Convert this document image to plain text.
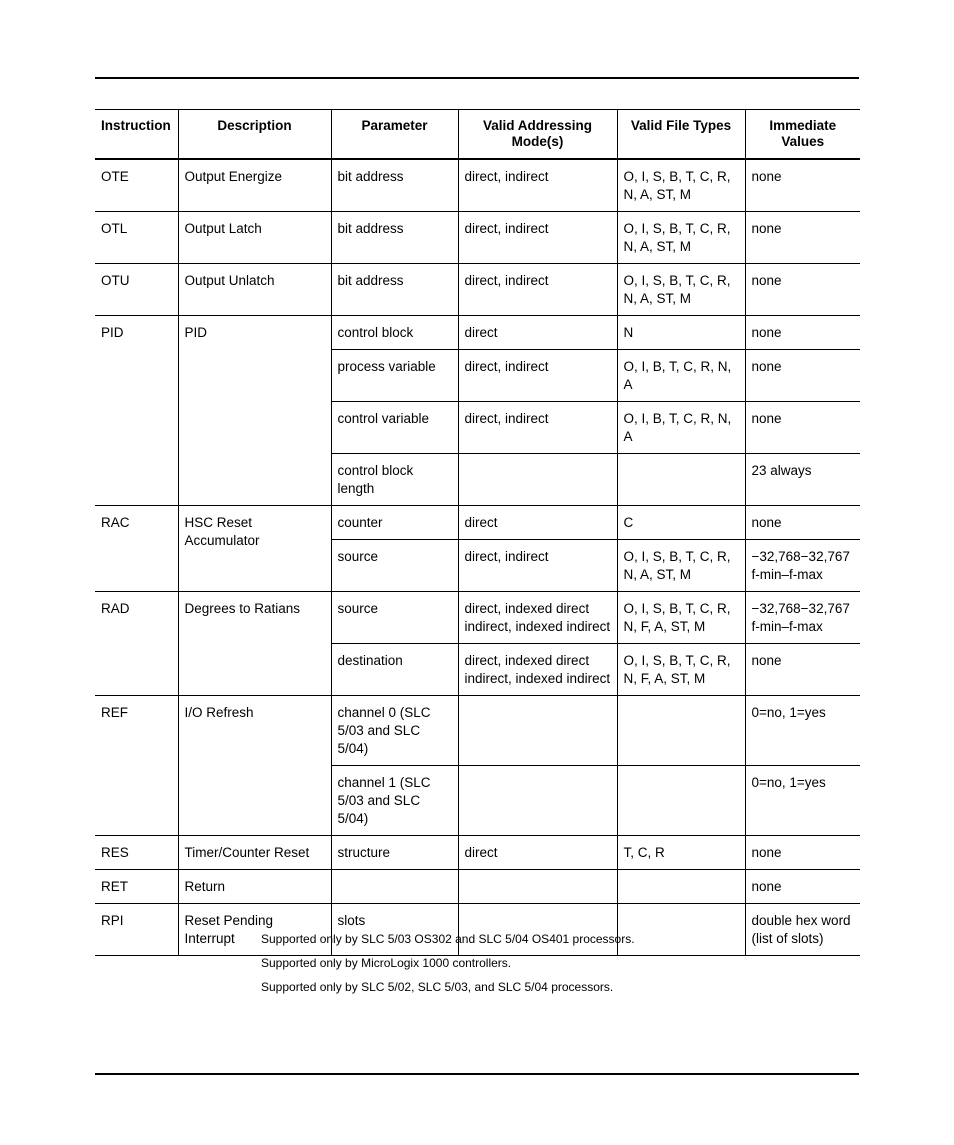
Instruction	Description	Parameter	Valid Addressing Mode(s)	Valid File Types	Immediate Values
OTE	Output Energize	bit address	direct, indirect	O, I, S, B, T, C, R, N, A, ST, M	none
OTL	Output Latch	bit address	direct, indirect	O, I, S, B, T, C, R, N, A, ST, M	none
OTU	Output Unlatch	bit address	direct, indirect	O, I, S, B, T, C, R, N, A, ST, M	none
PID	PID	control block	direct	N	none
		process variable	direct, indirect	O, I, B, T, C, R, N, A	none
		control variable	direct, indirect	O, I, B, T, C, R, N, A	none
		control block length			23 always
RAC	HSC Reset Accumulator	counter	direct	C	none
		source	direct, indirect	O, I, S, B, T, C, R, N, A, ST, M	−32,768−32,767 f-min–f-max
RAD	Degrees to Ratians	source	direct, indexed direct indirect, indexed indirect	O, I, S, B, T, C, R, N, F, A, ST, M	−32,768−32,767 f-min–f-max
		destination	direct, indexed direct indirect, indexed indirect	O, I, S, B, T, C, R, N, F, A, ST, M	none
REF	I/O Refresh	channel 0 (SLC 5/03 and SLC 5/04)			0=no, 1=yes
		channel 1 (SLC 5/03 and SLC 5/04)			0=no, 1=yes
RES	Timer/Counter Reset	structure	direct	T, C, R	none
RET	Return				none
RPI	Reset Pending Interrupt	slots			double hex word (list of slots)
Supported only by SLC 5/03 OS302 and SLC 5/04 OS401 processors.
Supported only by MicroLogix 1000 controllers.
Supported only by SLC 5/02, SLC 5/03, and SLC 5/04 processors.
